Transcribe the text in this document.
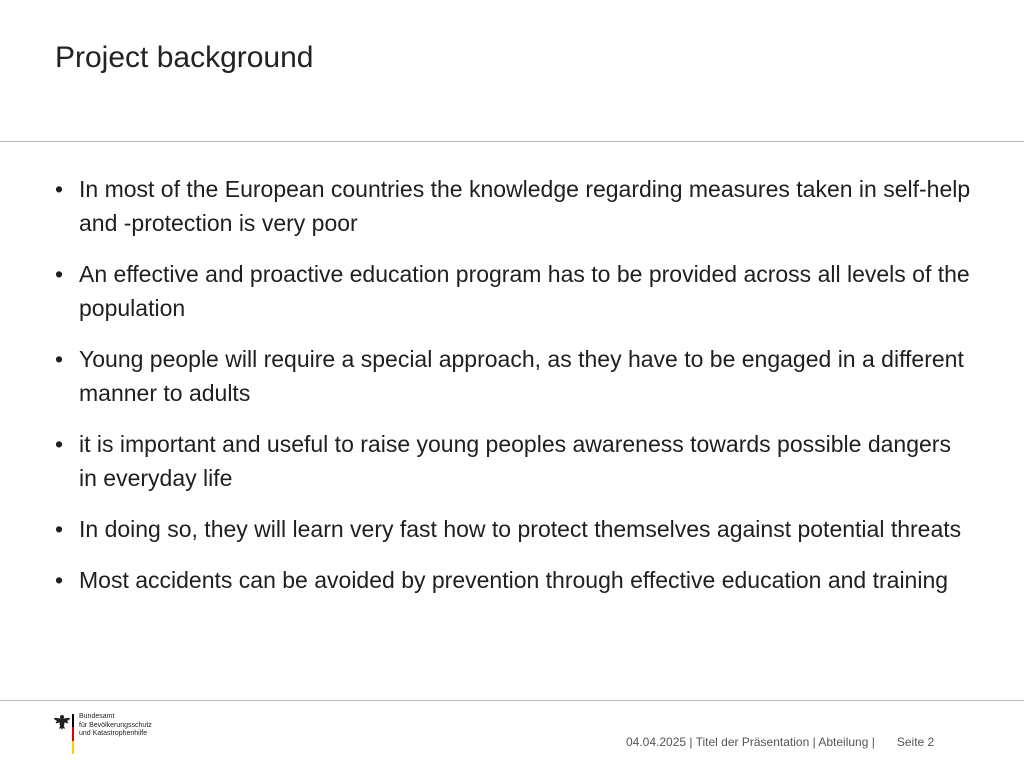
Project background
• In most of the European countries the knowledge regarding measures taken in self-help and -protection is very poor
• An effective and proactive education program has to be provided across all levels of the population
• Young people will require a special approach, as they have to be engaged in a different manner to adults
• it is important and useful to raise young peoples awareness towards possible dangers in everyday life
• In doing so, they will learn very fast how to protect themselves against potential threats
• Most accidents can be avoided by prevention through effective education and training
Bundesamt
für Bevölkerungsschutz
und Katastrophenhilfe
04.04.2025 | Titel der Präsentation | Abteilung | Seite 2
